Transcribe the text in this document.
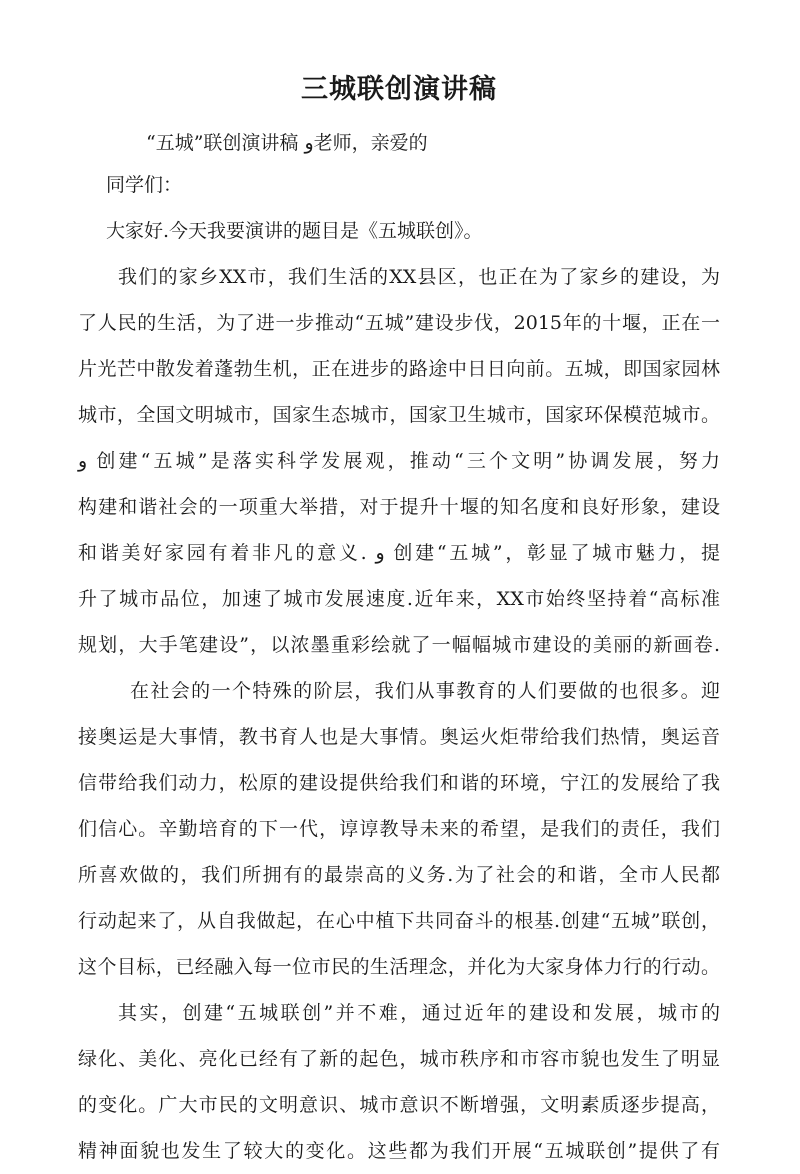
三城联创演讲稿

“五城”联创演讲稿 و老师，亲爱的

同学们：

大家好.今天我要演讲的题目是《五城联创》。

我们的家乡XX市，我们生活的XX县区，也正在为了家乡的建设，为

了人民的生活，为了进一步推动“五城”建设步伐，2015年的十堰，正在一

片光芒中散发着蓬勃生机，正在进步的路途中日日向前。五城，即国家园林

城市，全国文明城市，国家生态城市，国家卫生城市，国家环保模范城市。

و 创建“五城”是落实科学发展观，推动“三个文明”协调发展，努力

构建和谐社会的一项重大举措，对于提升十堰的知名度和良好形象，建设

和谐美好家园有着非凡的意义. و 创建“五城”，彰显了城市魅力，提

升了城市品位，加速了城市发展速度.近年来，XX市始终坚持着“高标准

规划，大手笔建设”，以浓墨重彩绘就了一幅幅城市建设的美丽的新画卷.

在社会的一个特殊的阶层，我们从事教育的人们要做的也很多。迎

接奥运是大事情，教书育人也是大事情。奥运火炬带给我们热情，奥运音

信带给我们动力，松原的建设提供给我们和谐的环境，宁江的发展给了我

们信心。辛勤培育的下一代，谆谆教导未来的希望，是我们的责任，我们

所喜欢做的，我们所拥有的最崇高的义务.为了社会的和谐，全市人民都

行动起来了，从自我做起，在心中植下共同奋斗的根基.创建“五城”联创，

这个目标，已经融入每一位市民的生活理念，并化为大家身体力行的行动。

其实，创建“五城联创”并不难，通过近年的建设和发展，城市的

绿化、美化、亮化已经有了新的起色，城市秩序和市容市貌也发生了明显

的变化。广大市民的文明意识、城市意识不断增强，文明素质逐步提高，

精神面貌也发生了较大的变化。这些都为我们开展“五城联创”提供了有
